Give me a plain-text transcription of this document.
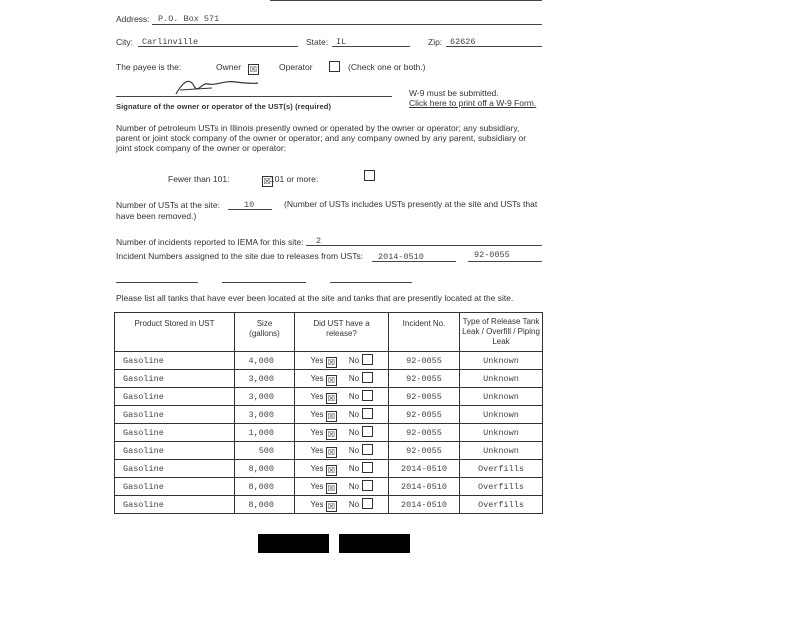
Address: P.O. Box 571
City: Carlinville	State: IL	Zip: 62626
The payee is the:	Owner ☒	Operator
	(Check one or both.)
Signature of the owner or operator of the UST(s) (required)
W-9 must be submitted.
Click here to print off a W-9 Form.
Number of petroleum USTs in Illinois presently owned or operated by the owner or operator; any subsidiary, parent or joint stock company of the owner or operator; and any company owned by any parent, subsidiary or joint stock company of the owner or operator:
Fewer than 101:	☒ 101 or more:
Number of USTs at the site:	10	(Number of USTs includes USTs presently at the site and USTs that have been removed.)
Number of incidents reported to IEMA for this site: 2
Incident Numbers assigned to the site due to releases from USTs: 2014-0510	92-0055
Please list all tanks that have ever been located at the site and tanks that are presently located at the site.
Product Stored in UST	Size (gallons)	Did UST have a release?	Incident No.	Type of Release Tank Leak / Overfill / Piping Leak
Gasoline	4,000	Yes ☒ No	92-0055	Unknown
Gasoline	3,000	Yes ☒ No	92-0055	Unknown
Gasoline	3,000	Yes ☒ No	92-0055	Unknown
Gasoline	3,000	Yes ☒ No	92-0055	Unknown
Gasoline	1,000	Yes ☒ No	92-0055	Unknown
Gasoline	500	Yes ☒ No	92-0055	Unknown
Gasoline	8,000	Yes ☒ No	2014-0510	Overfills
Gasoline	8,000	Yes ☒ No	2014-0510	Overfills
Gasoline	8,000	Yes ☒ No	2014-0510	Overfills
